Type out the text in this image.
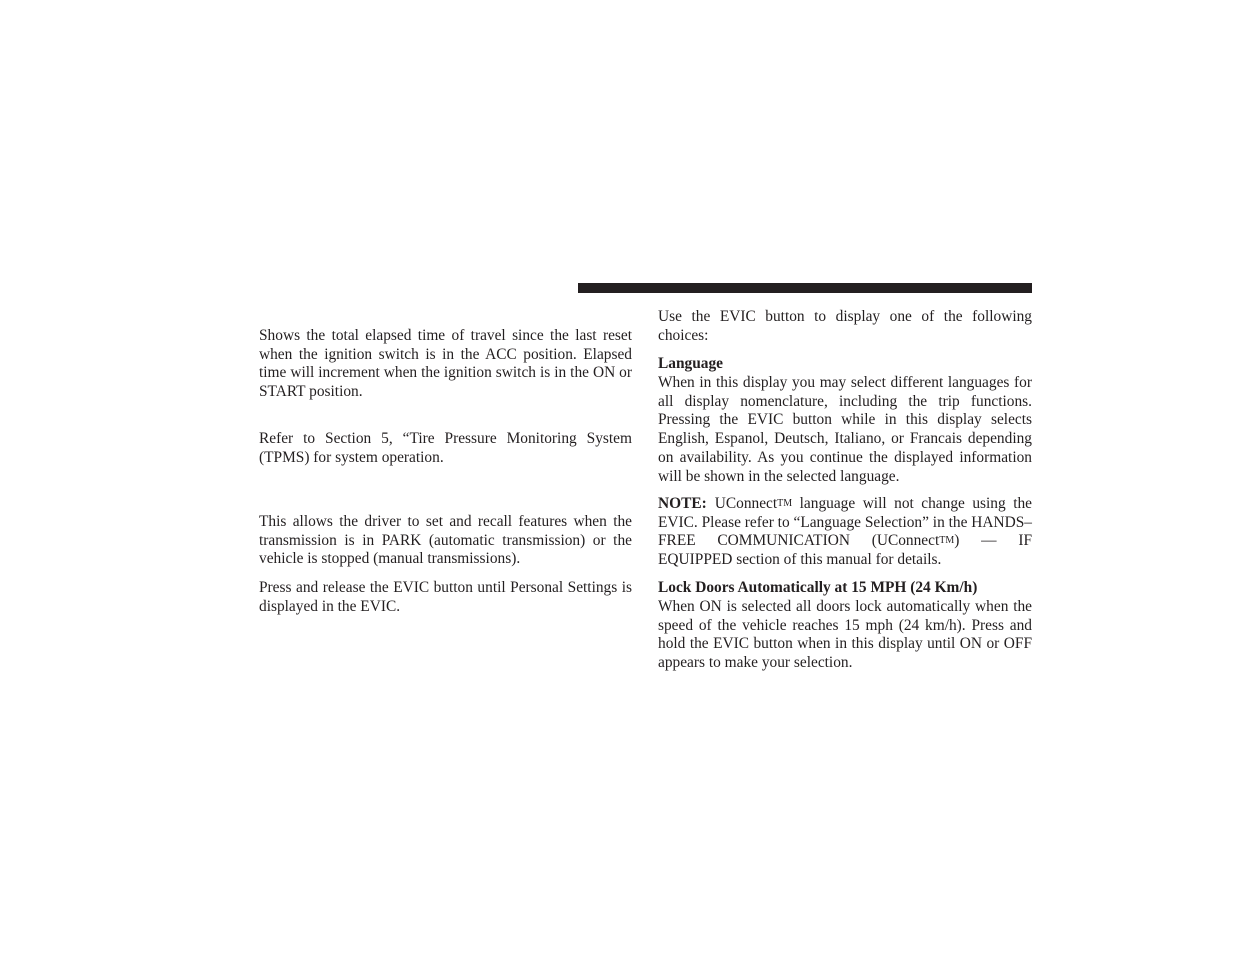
Shows the total elapsed time of travel since the last reset when the ignition switch is in the ACC position. Elapsed time will increment when the ignition switch is in the ON or START position.

Refer to Section 5, “Tire Pressure Monitoring System (TPMS) for system operation.

This allows the driver to set and recall features when the transmission is in PARK (automatic transmission) or the vehicle is stopped (manual transmissions).

Press and release the EVIC button until Personal Settings is displayed in the EVIC.

Use the EVIC button to display one of the following choices:

Language

When in this display you may select different languages for all display nomenclature, including the trip functions. Pressing the EVIC button while in this display selects English, Espanol, Deutsch, Italiano, or Francais depending on availability. As you continue the displayed information will be shown in the selected language.

NOTE: UConnectTM language will not change using the EVIC. Please refer to “Language Selection” in the HANDS–FREE COMMUNICATION (UConnectTM) — IF EQUIPPED section of this manual for details.

Lock Doors Automatically at 15 MPH (24 Km/h)

When ON is selected all doors lock automatically when the speed of the vehicle reaches 15 mph (24 km/h). Press and hold the EVIC button when in this display until ON or OFF appears to make your selection.
